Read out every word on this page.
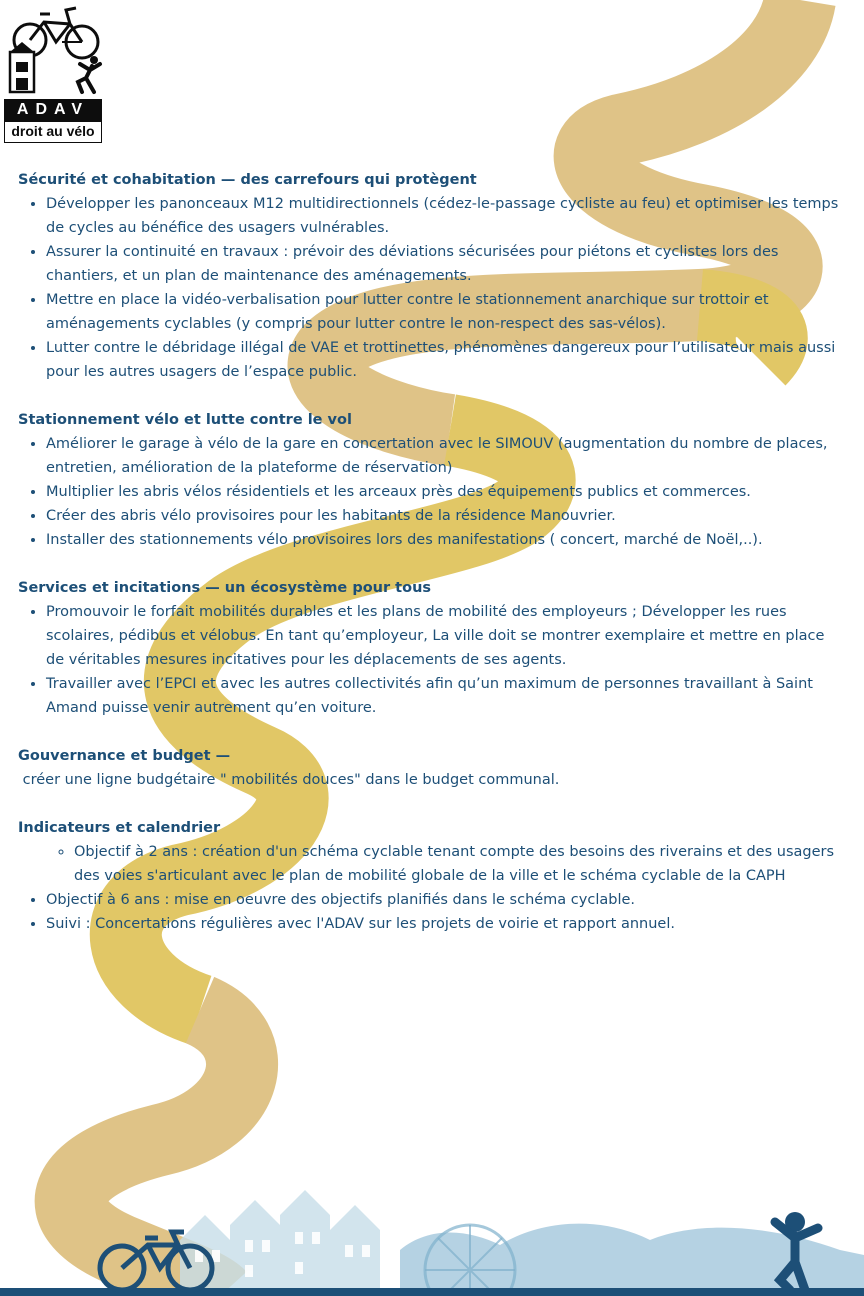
ADAV
droit au vélo
Sécurité et cohabitation — des carrefours qui protègent
• Développer les panonceaux M12 multidirectionnels (cédez-le-passage cycliste au feu) et optimiser les temps de cycles au bénéfice des usagers vulnérables.
• Assurer la continuité en travaux : prévoir des déviations sécurisées pour piétons et cyclistes lors des chantiers, et un plan de maintenance des aménagements.
• Mettre en place la vidéo-verbalisation pour lutter contre le stationnement anarchique sur trottoir et aménagements cyclables (y compris pour lutter contre le non-respect des sas-vélos).
• Lutter contre le débridage illégal de VAE et trottinettes, phénomènes dangereux pour l’utilisateur mais aussi pour les autres usagers de l’espace public.
Stationnement vélo et lutte contre le vol
• Améliorer le garage à vélo de la gare en concertation avec le SIMOUV (augmentation du nombre de places, entretien, amélioration de la plateforme de réservation)
• Multiplier les abris vélos résidentiels et les arceaux près des équipements publics et commerces.
• Créer des abris vélo provisoires pour les habitants de la résidence Manouvrier.
• Installer des stationnements vélo provisoires lors des manifestations ( concert, marché de Noël,..).
Services et incitations — un écosystème pour tous
• Promouvoir le forfait mobilités durables et les plans de mobilité des employeurs ; Développer les rues scolaires, pédibus et vélobus. En tant qu’employeur, La ville doit se montrer exemplaire et mettre en place de véritables mesures incitatives pour les déplacements de ses agents.
• Travailler avec l’EPCI et avec les autres collectivités afin qu’un maximum de personnes travaillant à Saint Amand puisse venir autrement qu’en voiture.
Gouvernance et budget —

créer une ligne budgétaire " mobilités douces" dans le budget communal.

Indicateurs et calendrier
◦ Objectif à 2 ans : création d'un schéma cyclable tenant compte des besoins des riverains et des usagers des voies s'articulant avec le plan de mobilité globale de la ville et le schéma cyclable de la CAPH
• Objectif à 6 ans : mise en oeuvre des objectifs planifiés dans le schéma cyclable.
• Suivi : Concertations régulières avec l'ADAV sur les projets de voirie et rapport annuel.
